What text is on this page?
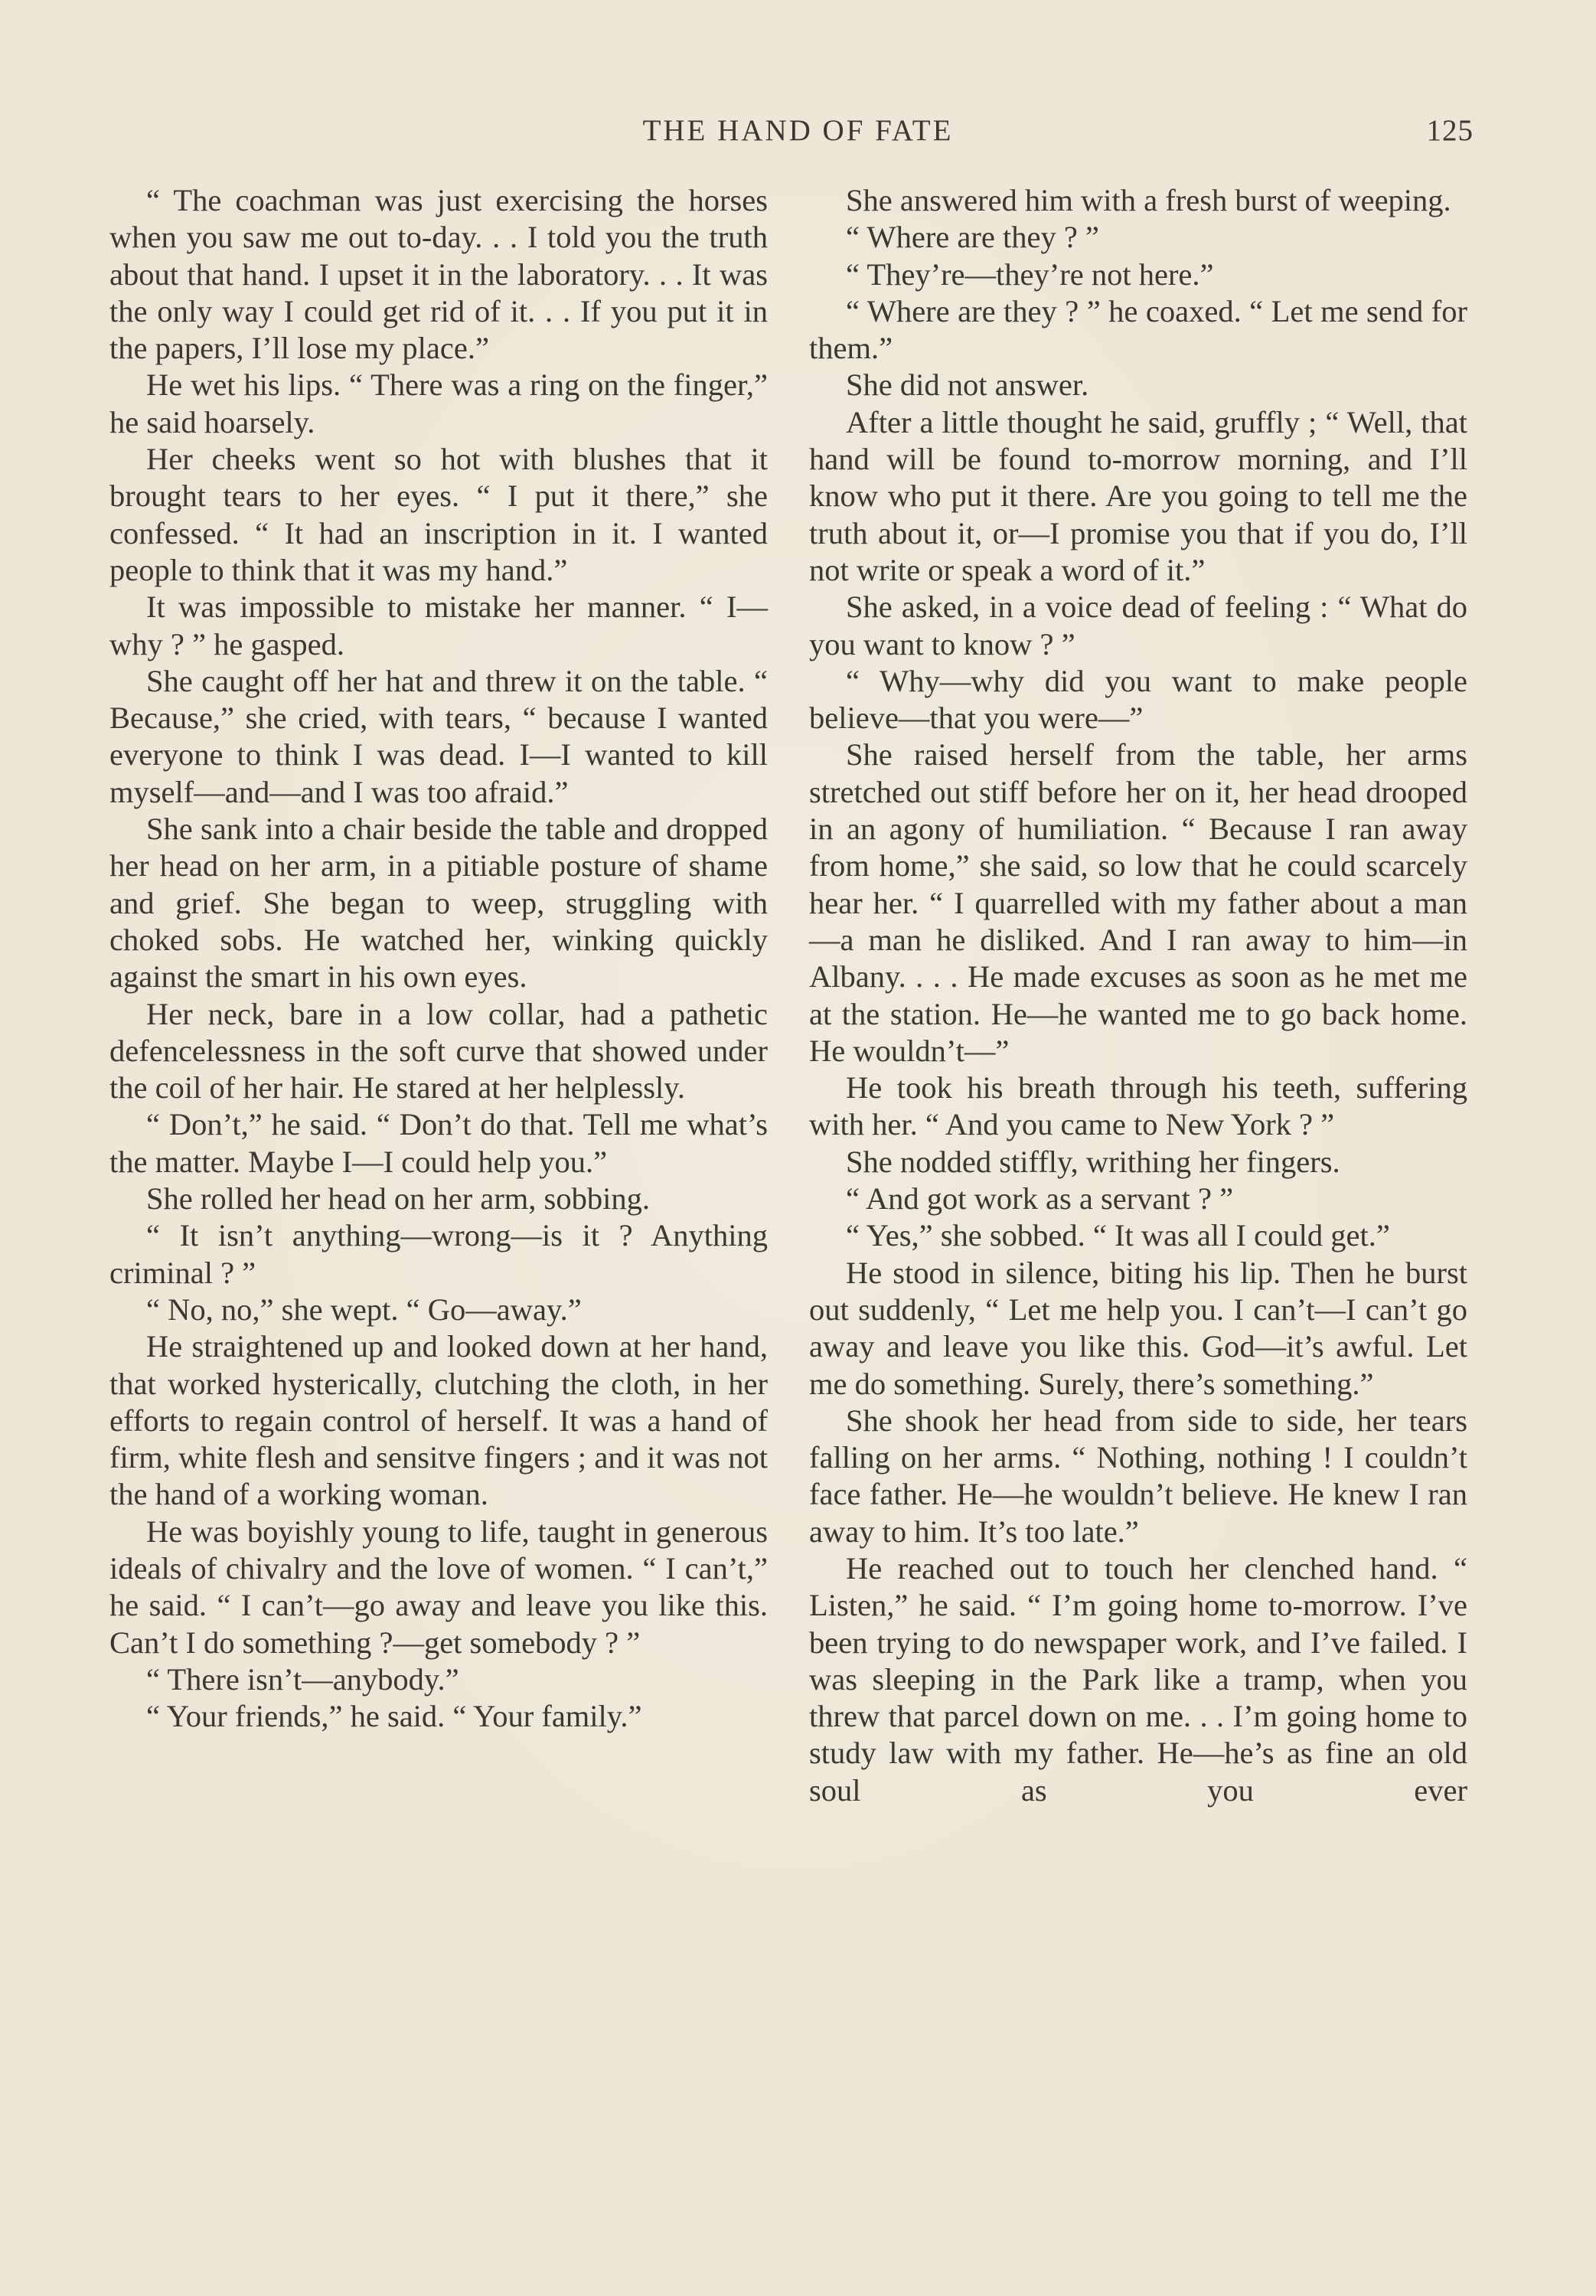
THE HAND OF FATE	125

“ The coachman was just exercising the horses when you saw me out to-day. . . I told you the truth about that hand. I upset it in the laboratory. . . It was the only way I could get rid of it. . . If you put it in the papers, I’ll lose my place.”

He wet his lips. “ There was a ring on the finger,” he said hoarsely.

Her cheeks went so hot with blushes that it brought tears to her eyes. “ I put it there,” she confessed. “ It had an inscription in it. I wanted people to think that it was my hand.”

It was impossible to mistake her manner. “ I—why ? ” he gasped.

She caught off her hat and threw it on the table. “ Because,” she cried, with tears, “ because I wanted everyone to think I was dead. I—I wanted to kill myself—and—and I was too afraid.”

She sank into a chair beside the table and dropped her head on her arm, in a pitiable posture of shame and grief. She began to weep, struggling with choked sobs. He watched her, winking quickly against the smart in his own eyes.

Her neck, bare in a low collar, had a pathetic defencelessness in the soft curve that showed under the coil of her hair. He stared at her helplessly.

“ Don’t,” he said. “ Don’t do that. Tell me what’s the matter. Maybe I—I could help you.”

She rolled her head on her arm, sobbing.

“ It isn’t anything—wrong—is it ? Anything criminal ? ”

“ No, no,” she wept. “ Go—away.”

He straightened up and looked down at her hand, that worked hysterically, clutching the cloth, in her efforts to regain control of herself. It was a hand of firm, white flesh and sensitve fingers ; and it was not the hand of a working woman.

He was boyishly young to life, taught in generous ideals of chivalry and the love of women. “ I can’t,” he said. “ I can’t—go away and leave you like this. Can’t I do something ?—get somebody ? ”

“ There isn’t—anybody.”

“ Your friends,” he said. “ Your family.”

She answered him with a fresh burst of weeping.

“ Where are they ? ”

“ They’re—they’re not here.”

“ Where are they ? ” he coaxed. “ Let me send for them.”

She did not answer.

After a little thought he said, gruffly ; “ Well, that hand will be found to-morrow morning, and I’ll know who put it there. Are you going to tell me the truth about it, or—I promise you that if you do, I’ll not write or speak a word of it.”

She asked, in a voice dead of feeling : “ What do you want to know ? ”

“ Why—why did you want to make people believe—that you were—”

She raised herself from the table, her arms stretched out stiff before her on it, her head drooped in an agony of humiliation. “ Because I ran away from home,” she said, so low that he could scarcely hear her. “ I quarrelled with my father about a man—a man he disliked. And I ran away to him—in Albany. . . . He made excuses as soon as he met me at the station. He—he wanted me to go back home. He wouldn’t—”

He took his breath through his teeth, suffering with her. “ And you came to New York ? ”

She nodded stiffly, writhing her fingers.

“ And got work as a servant ? ”

“ Yes,” she sobbed. “ It was all I could get.”

He stood in silence, biting his lip. Then he burst out suddenly, “ Let me help you. I can’t—I can’t go away and leave you like this. God—it’s awful. Let me do something. Surely, there’s something.”

She shook her head from side to side, her tears falling on her arms. “ Nothing, nothing ! I couldn’t face father. He—he wouldn’t believe. He knew I ran away to him. It’s too late.”

He reached out to touch her clenched hand. “ Listen,” he said. “ I’m going home to-morrow. I’ve been trying to do newspaper work, and I’ve failed. I was sleeping in the Park like a tramp, when you threw that parcel down on me. . . I’m going home to study law with my father. He—he’s as fine an old soul as you ever
